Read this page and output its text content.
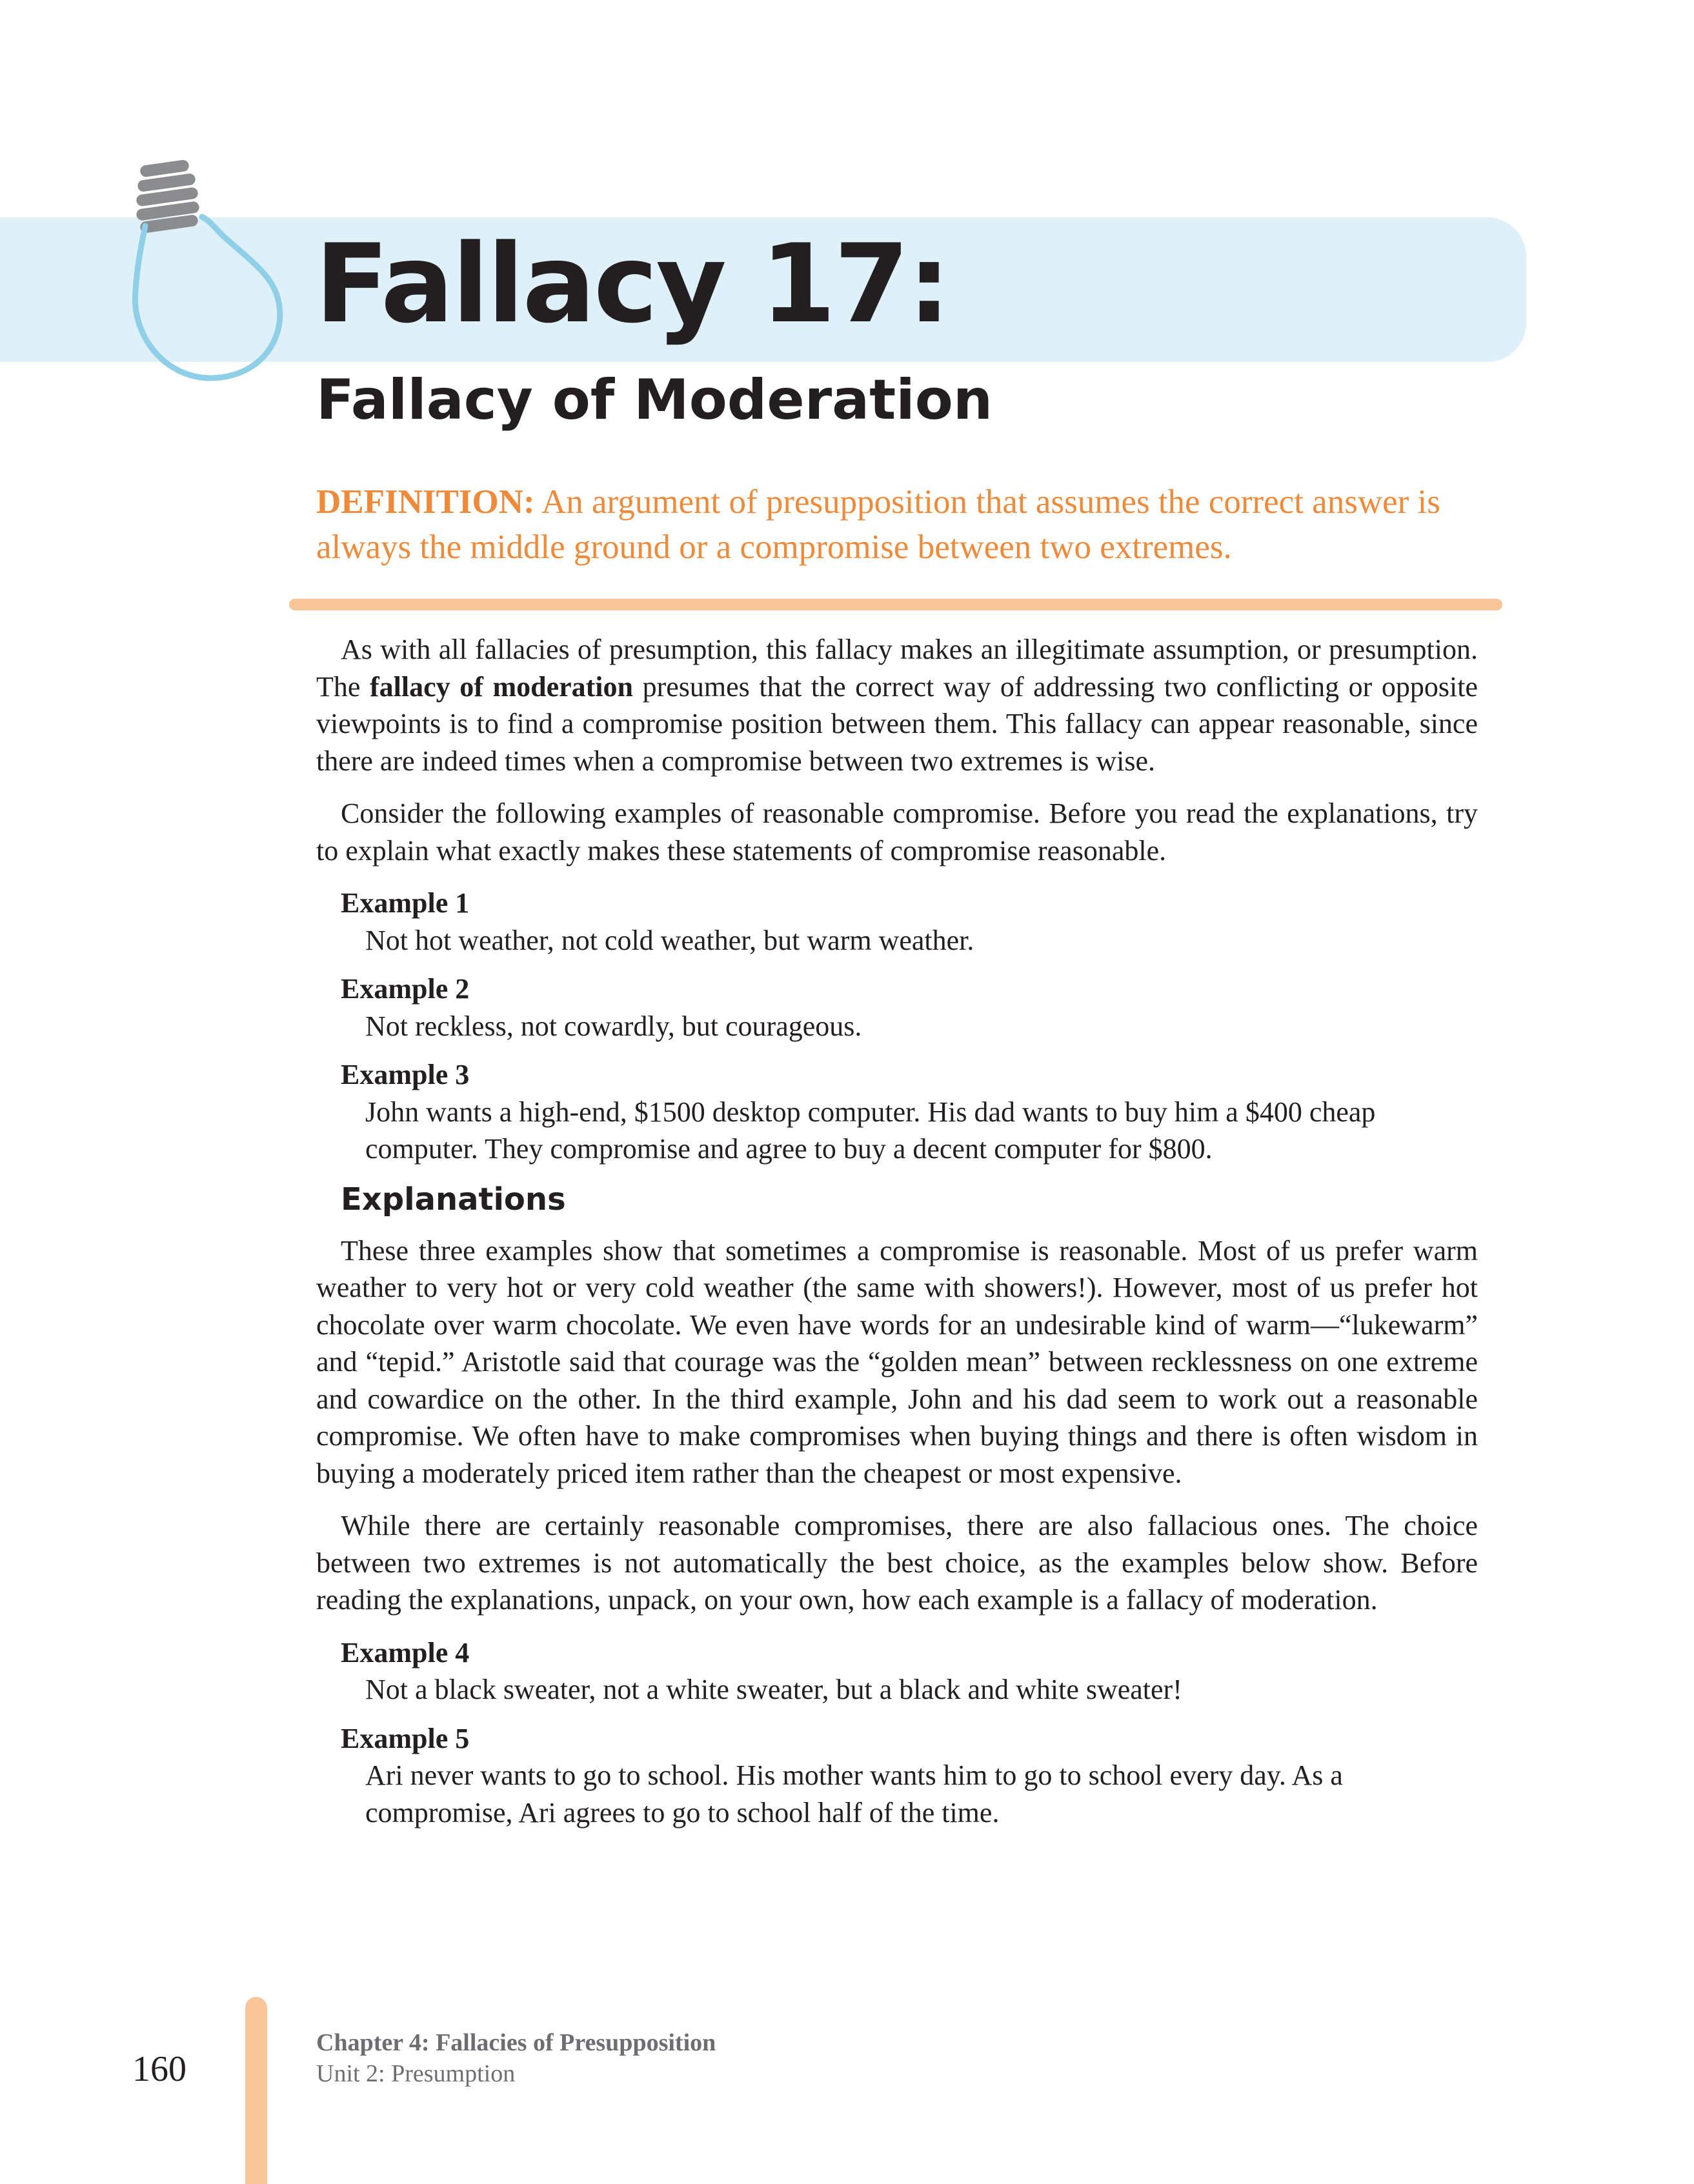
Fallacy 17:
Fallacy of Moderation

DEFINITION: An argument of presupposition that assumes the correct answer is always the middle ground or a compromise between two extremes.

As with all fallacies of presumption, this fallacy makes an illegitimate assumption, or presumption. The fallacy of moderation presumes that the correct way of addressing two conflicting or opposite viewpoints is to find a compromise position between them. This fallacy can appear reasonable, since there are indeed times when a compromise between two extremes is wise.

Consider the following examples of reasonable compromise. Before you read the explanations, try to explain what exactly makes these statements of compromise reasonable.

Example 1
Not hot weather, not cold weather, but warm weather.
Example 2
Not reckless, not cowardly, but courageous.
Example 3
John wants a high-end, $1500 desktop computer. His dad wants to buy him a $400 cheap computer. They compromise and agree to buy a decent computer for $800.
Explanations

These three examples show that sometimes a compromise is reasonable. Most of us prefer warm weather to very hot or very cold weather (the same with showers!). However, most of us prefer hot chocolate over warm chocolate. We even have words for an undesirable kind of warm—“lukewarm” and “tepid.” Aristotle said that courage was the “golden mean” between recklessness on one extreme and cowardice on the other. In the third example, John and his dad seem to work out a reasonable compromise. We often have to make compromises when buying things and there is often wisdom in buying a moderately priced item rather than the cheapest or most expensive.

While there are certainly reasonable compromises, there are also fallacious ones. The choice between two extremes is not automatically the best choice, as the examples below show. Before reading the explanations, unpack, on your own, how each example is a fallacy of moderation.

Example 4
Not a black sweater, not a white sweater, but a black and white sweater!
Example 5
Ari never wants to go to school. His mother wants him to go to school every day. As a compromise, Ari agrees to go to school half of the time.
160
Chapter 4: Fallacies of Presupposition
Unit 2: Presumption
